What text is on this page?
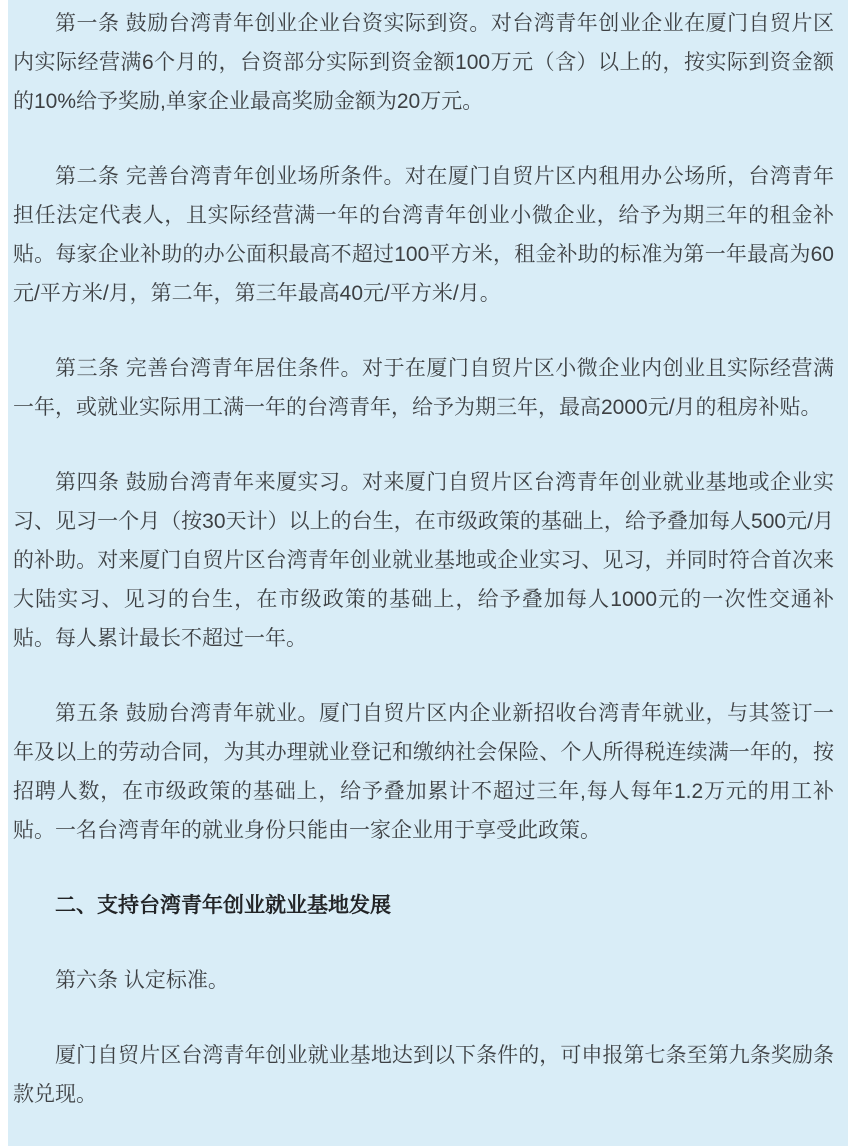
第一条 鼓励台湾青年创业企业台资实际到资。对台湾青年创业企业在厦门自贸片区内实际经营满6个月的，台资部分实际到资金额100万元（含）以上的，按实际到资金额的10%给予奖励,单家企业最高奖励金额为20万元。

第二条 完善台湾青年创业场所条件。对在厦门自贸片区内租用办公场所，台湾青年担任法定代表人，且实际经营满一年的台湾青年创业小微企业，给予为期三年的租金补贴。每家企业补助的办公面积最高不超过100平方米，租金补助的标准为第一年最高为60元/平方米/月，第二年，第三年最高40元/平方米/月。

第三条 完善台湾青年居住条件。对于在厦门自贸片区小微企业内创业且实际经营满一年，或就业实际用工满一年的台湾青年，给予为期三年，最高2000元/月的租房补贴。

第四条 鼓励台湾青年来厦实习。对来厦门自贸片区台湾青年创业就业基地或企业实习、见习一个月（按30天计）以上的台生，在市级政策的基础上，给予叠加每人500元/月的补助。对来厦门自贸片区台湾青年创业就业基地或企业实习、见习，并同时符合首次来大陆实习、见习的台生，在市级政策的基础上，给予叠加每人1000元的一次性交通补贴。每人累计最长不超过一年。

第五条 鼓励台湾青年就业。厦门自贸片区内企业新招收台湾青年就业，与其签订一年及以上的劳动合同，为其办理就业登记和缴纳社会保险、个人所得税连续满一年的，按招聘人数，在市级政策的基础上，给予叠加累计不超过三年,每人每年1.2万元的用工补贴。一名台湾青年的就业身份只能由一家企业用于享受此政策。

二、支持台湾青年创业就业基地发展

第六条 认定标准。

厦门自贸片区台湾青年创业就业基地达到以下条件的，可申报第七条至第九条奖励条款兑现。
